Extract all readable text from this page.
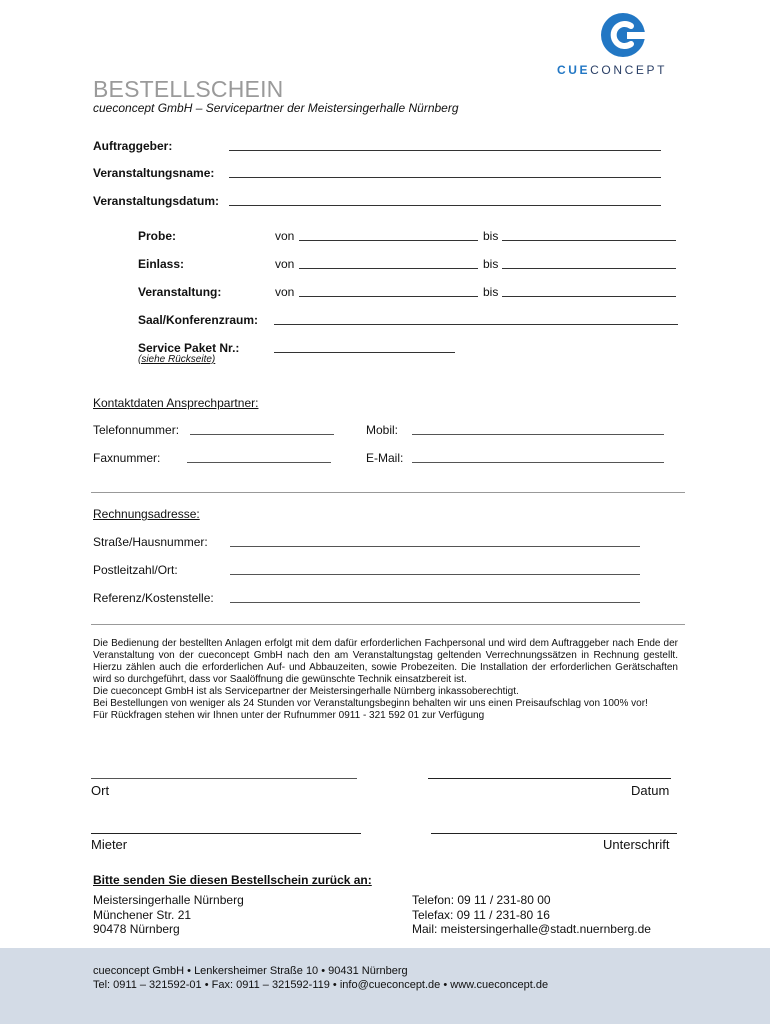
CUECONCEPT
BESTELLSCHEIN
cueconcept GmbH – Servicepartner der Meistersingerhalle Nürnberg
Auftraggeber:
Veranstaltungsname:
Veranstaltungsdatum:
Probe:	von	bis
Einlass:	von	bis
Veranstaltung:	von	bis
Saal/Konferenzraum:
Service Paket Nr.:
(siehe Rückseite)
Kontaktdaten Ansprechpartner:
Telefonnummer:	Mobil:
Faxnummer:	E-Mail:
Rechnungsadresse:
Straße/Hausnummer:
Postleitzahl/Ort:
Referenz/Kostenstelle:

Die Bedienung der bestellten Anlagen erfolgt mit dem dafür erforderlichen Fachpersonal und wird dem Auftraggeber nach Ende der Veranstaltung von der cueconcept GmbH nach den am Veranstaltungstag geltenden Verrechnungssätzen in Rechnung gestellt. Hierzu zählen auch die erforderlichen Auf- und Abbauzeiten, sowie Probezeiten. Die Installation der erforderlichen Gerätschaften wird so durchgeführt, dass vor Saalöffnung die gewünschte Technik einsatzbereit ist.

Die cueconcept GmbH ist als Servicepartner der Meistersingerhalle Nürnberg inkassoberechtigt.

Bei Bestellungen von weniger als 24 Stunden vor Veranstaltungsbeginn behalten wir uns einen Preisaufschlag von 100% vor!

Für Rückfragen stehen wir Ihnen unter der Rufnummer 0911 - 321 592 01 zur Verfügung

Ort	Datum
Mieter	Unterschrift
Bitte senden Sie diesen Bestellschein zurück an:
Meistersingerhalle Nürnberg
Münchener Str. 21
90478 Nürnberg
Telefon: 09 11 / 231-80 00
Telefax: 09 11 / 231-80 16
Mail: meistersingerhalle@stadt.nuernberg.de
cueconcept GmbH • Lenkersheimer Straße 10 • 90431 Nürnberg
Tel: 0911 – 321592-01 • Fax: 0911 – 321592-119 • info@cueconcept.de • www.cueconcept.de
